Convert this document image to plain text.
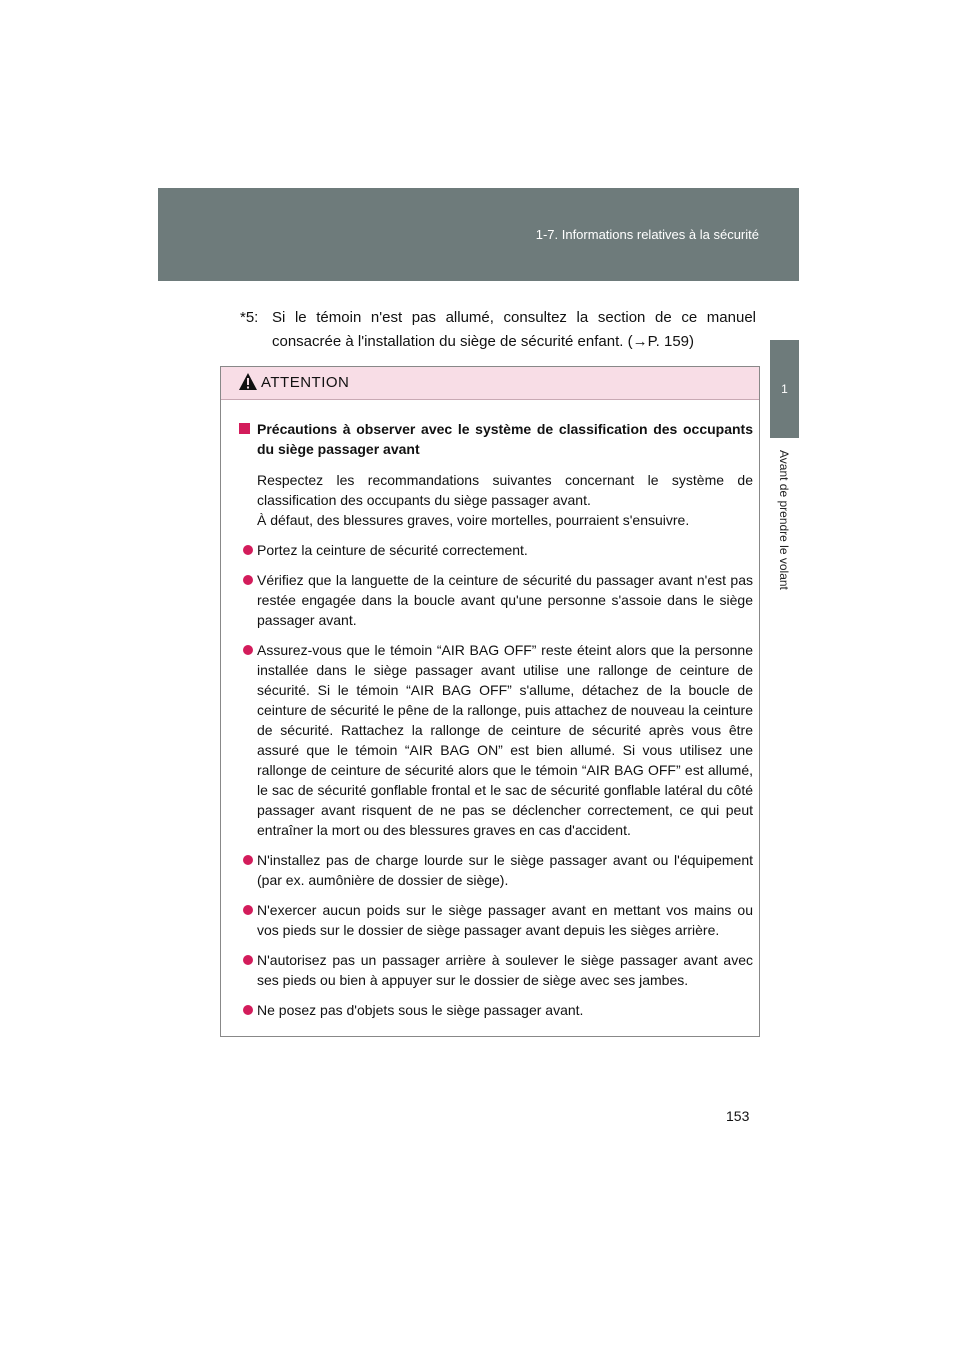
1-7. Informations relatives à la sécurité
1
Avant de prendre le volant
*5: Si le témoin n'est pas allumé, consultez la section de ce manuel consacrée à l'installation du siège de sécurité enfant. (→P. 159)
ATTENTION
Précautions à observer avec le système de classification des occupants du siège passager avant

Respectez les recommandations suivantes concernant le système de classification des occupants du siège passager avant.

À défaut, des blessures graves, voire mortelles, pourraient s'ensuivre.

Portez la ceinture de sécurité correctement.
Vérifiez que la languette de la ceinture de sécurité du passager avant n'est pas restée engagée dans la boucle avant qu'une personne s'assoie dans le siège passager avant.
Assurez-vous que le témoin “AIR BAG OFF” reste éteint alors que la personne installée dans le siège passager avant utilise une rallonge de ceinture de sécurité. Si le témoin “AIR BAG OFF” s'allume, détachez de la boucle de ceinture de sécurité le pêne de la rallonge, puis attachez de nouveau la ceinture de sécurité. Rattachez la rallonge de ceinture de sécurité après vous être assuré que le témoin “AIR BAG ON” est bien allumé. Si vous utilisez une rallonge de ceinture de sécurité alors que le témoin “AIR BAG OFF” est allumé, le sac de sécurité gonflable frontal et le sac de sécurité gonflable latéral du côté passager avant risquent de ne pas se déclencher correctement, ce qui peut entraîner la mort ou des blessures graves en cas d'accident.
N'installez pas de charge lourde sur le siège passager avant ou l'équipement (par ex. aumônière de dossier de siège).
N'exercer aucun poids sur le siège passager avant en mettant vos mains ou vos pieds sur le dossier de siège passager avant depuis les sièges arrière.
N'autorisez pas un passager arrière à soulever le siège passager avant avec ses pieds ou bien à appuyer sur le dossier de siège avec ses jambes.
Ne posez pas d'objets sous le siège passager avant.
153
